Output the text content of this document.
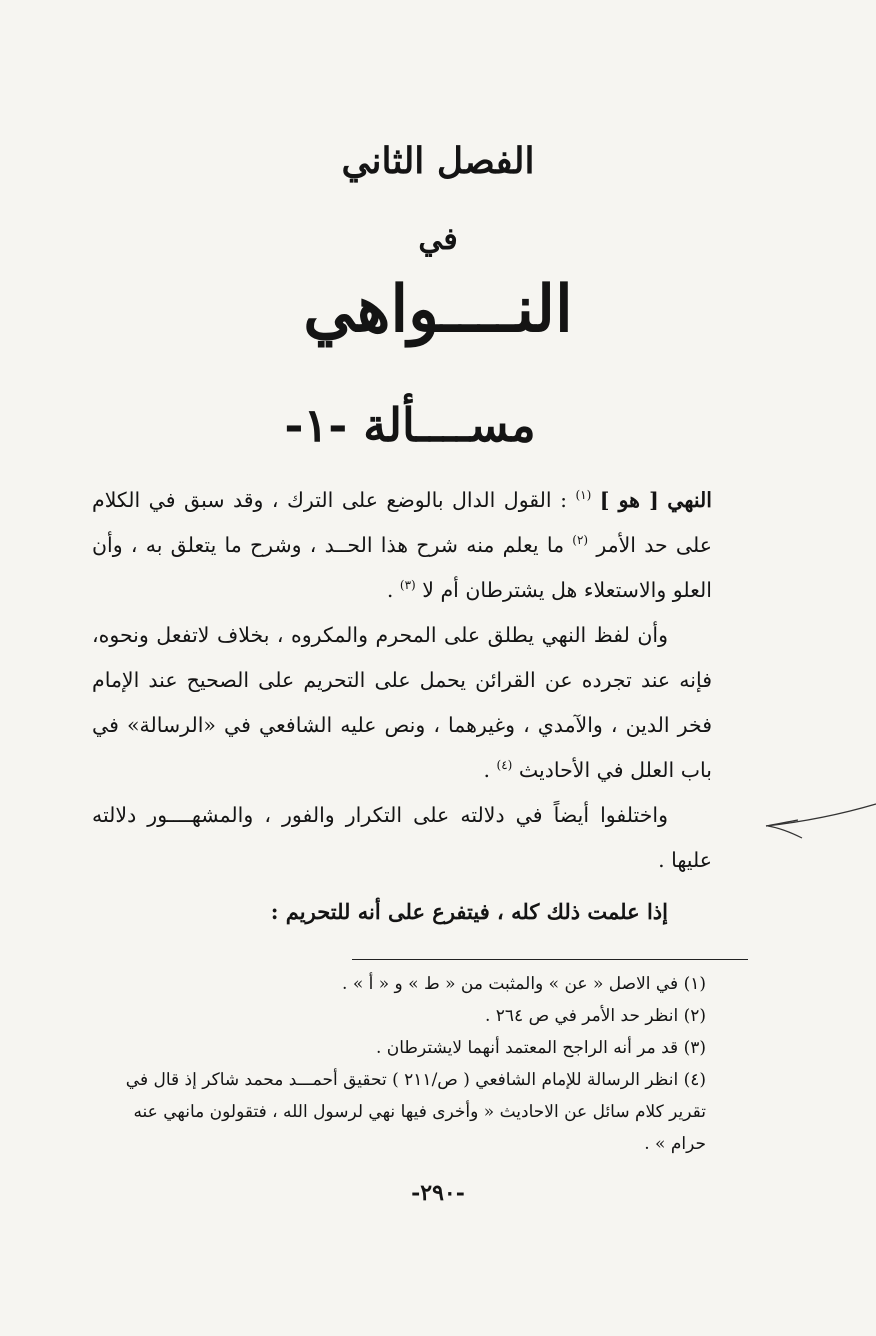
الفصل الثاني
في
النــــواهي
مســــألة -١-

النهي [ هو ] $^{(١)}$ : القول الدال بالوضع على الترك ، وقد سبق في الكلام على حد الأمر $^{(٢)}$ ما يعلم منه شرح هذا الحــد ، وشرح ما يتعلق به ، وأن العلو والاستعلاء هل يشترطان أم لا $^{(٣)}$ .

وأن لفظ النهي يطلق على المحرم والمكروه ، بخلاف لاتفعل ونحوه، فإنه عند تجرده عن القرائن يحمل على التحريم على الصحيح عند الإمام فخر الدين ، والآمدي ، وغيرهما ، ونص عليه الشافعي في «الرسالة» في باب العلل في الأحاديث $^{(٤)}$ .

واختلفوا أيضاً في دلالته على التكرار والفور ، والمشهــــور دلالته عليها .

إذا علمت ذلك كله ، فيتفرع على أنه للتحريم :

(١) في الاصل « عن » والمثبت من « ط » و « أ » .

(٢) انظر حد الأمر في ص ٢٦٤ .

(٣) قد مر أنه الراجح المعتمد أنهما لايشترطان .

(٤) انظر الرسالة للإمام الشافعي ( ص/٢١١ ) تحقيق أحمـــد محمد شاكر إذ قال في تقرير كلام سائل عن الاحاديث « وأخرى فيها نهي لرسول الله ، فتقولون مانهي عنه حرام » .

-٢٩٠-
